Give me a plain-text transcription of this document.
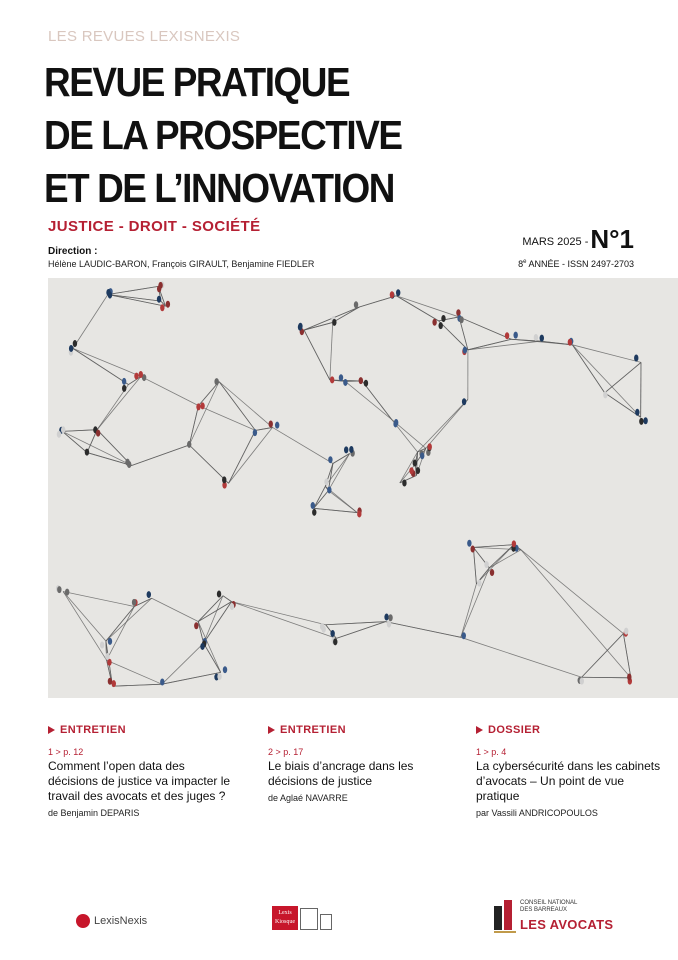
LES REVUES LEXISNEXIS
REVUE PRATIQUE
DE LA PROSPECTIVE
ET DE L’INNOVATION
JUSTICE - DROIT - SOCIÉTÉ
Direction :
Hélène LAUDIC-BARON, François GIRAULT, Benjamine FIEDLER
MARS 2025 - N°1
8e ANNÉE - ISSN 2497-2703
ENTRETIEN
1 > p. 12
Comment l’open data des décisions de justice va impacter le travail des avocats et des juges ?
de Benjamin DEPARIS
ENTRETIEN
2 > p. 17
Le biais d’ancrage dans les décisions de justice
de Aglaé NAVARRE
DOSSIER
1 > p. 4
La cybersécurité dans les cabinets d’avocats – Un point de vue pratique
par Vassili ANDRICOPOULOS
LexisNexis
Lexis
Kiosque
CONSEIL NATIONAL
DES BARREAUX
LES AVOCATS
